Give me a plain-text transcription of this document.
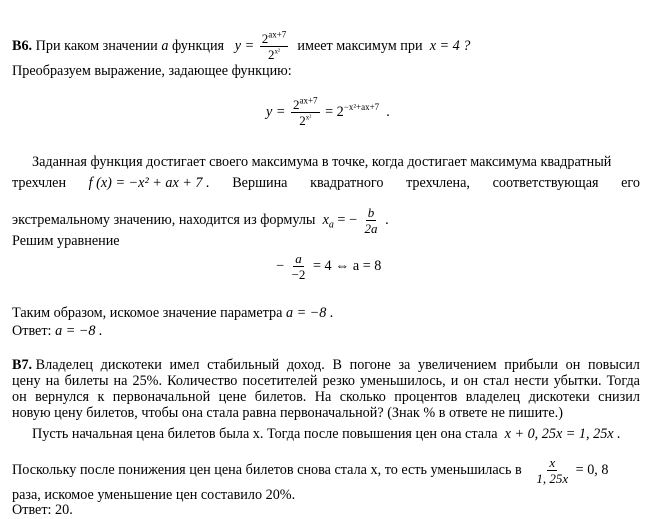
В6. При каком значении a функция $y = \frac{2^{ax+7}}{2^{x^2}}$ имеет максимум при x = 4 ?
Преобразуем выражение, задающее функцию:
$y = \frac{2^{ax+7}}{2^{x^2}} = 2^{-x^2+ax+7}$ .
Заданная функция достигает своего максимума в точке, когда достигает максимума квадратный
трехчлен f (x) = −x² + ax + 7 . Вершина квадратного трехчлена, соответствующая его
экстремальному значению, находится из формулы $x_a$ = − $\frac{b}{2a}$ .
Решим уравнение
− $\frac{a}{-2} = 4$ ⇔ a = 8
Таким образом, искомое значение параметра a = −8 .
Ответ: a = −8 .
В7. Владелец дискотеки имел стабильный доход. В погоне за увеличением прибыли он повысил
цену на билеты на 25%. Количество посетителей резко уменьшилось, и он стал нести убытки. Тогда
он вернулся к первоначальной цене билетов. На сколько процентов владелец дискотеки снизил
новую цену билетов, чтобы она стала равна первоначальной? (Знак % в ответе не пишите.)
Пусть начальная цена билетов была x. Тогда после повышения цен она стала x + 0, 25x = 1, 25x .
Поскольку после понижения цен цена билетов снова стала x, то есть уменьшилась в $\frac{x}{1, 25x} = 0$, 8
раза, искомое уменьшение цен составило 20%.
Ответ: 20.
